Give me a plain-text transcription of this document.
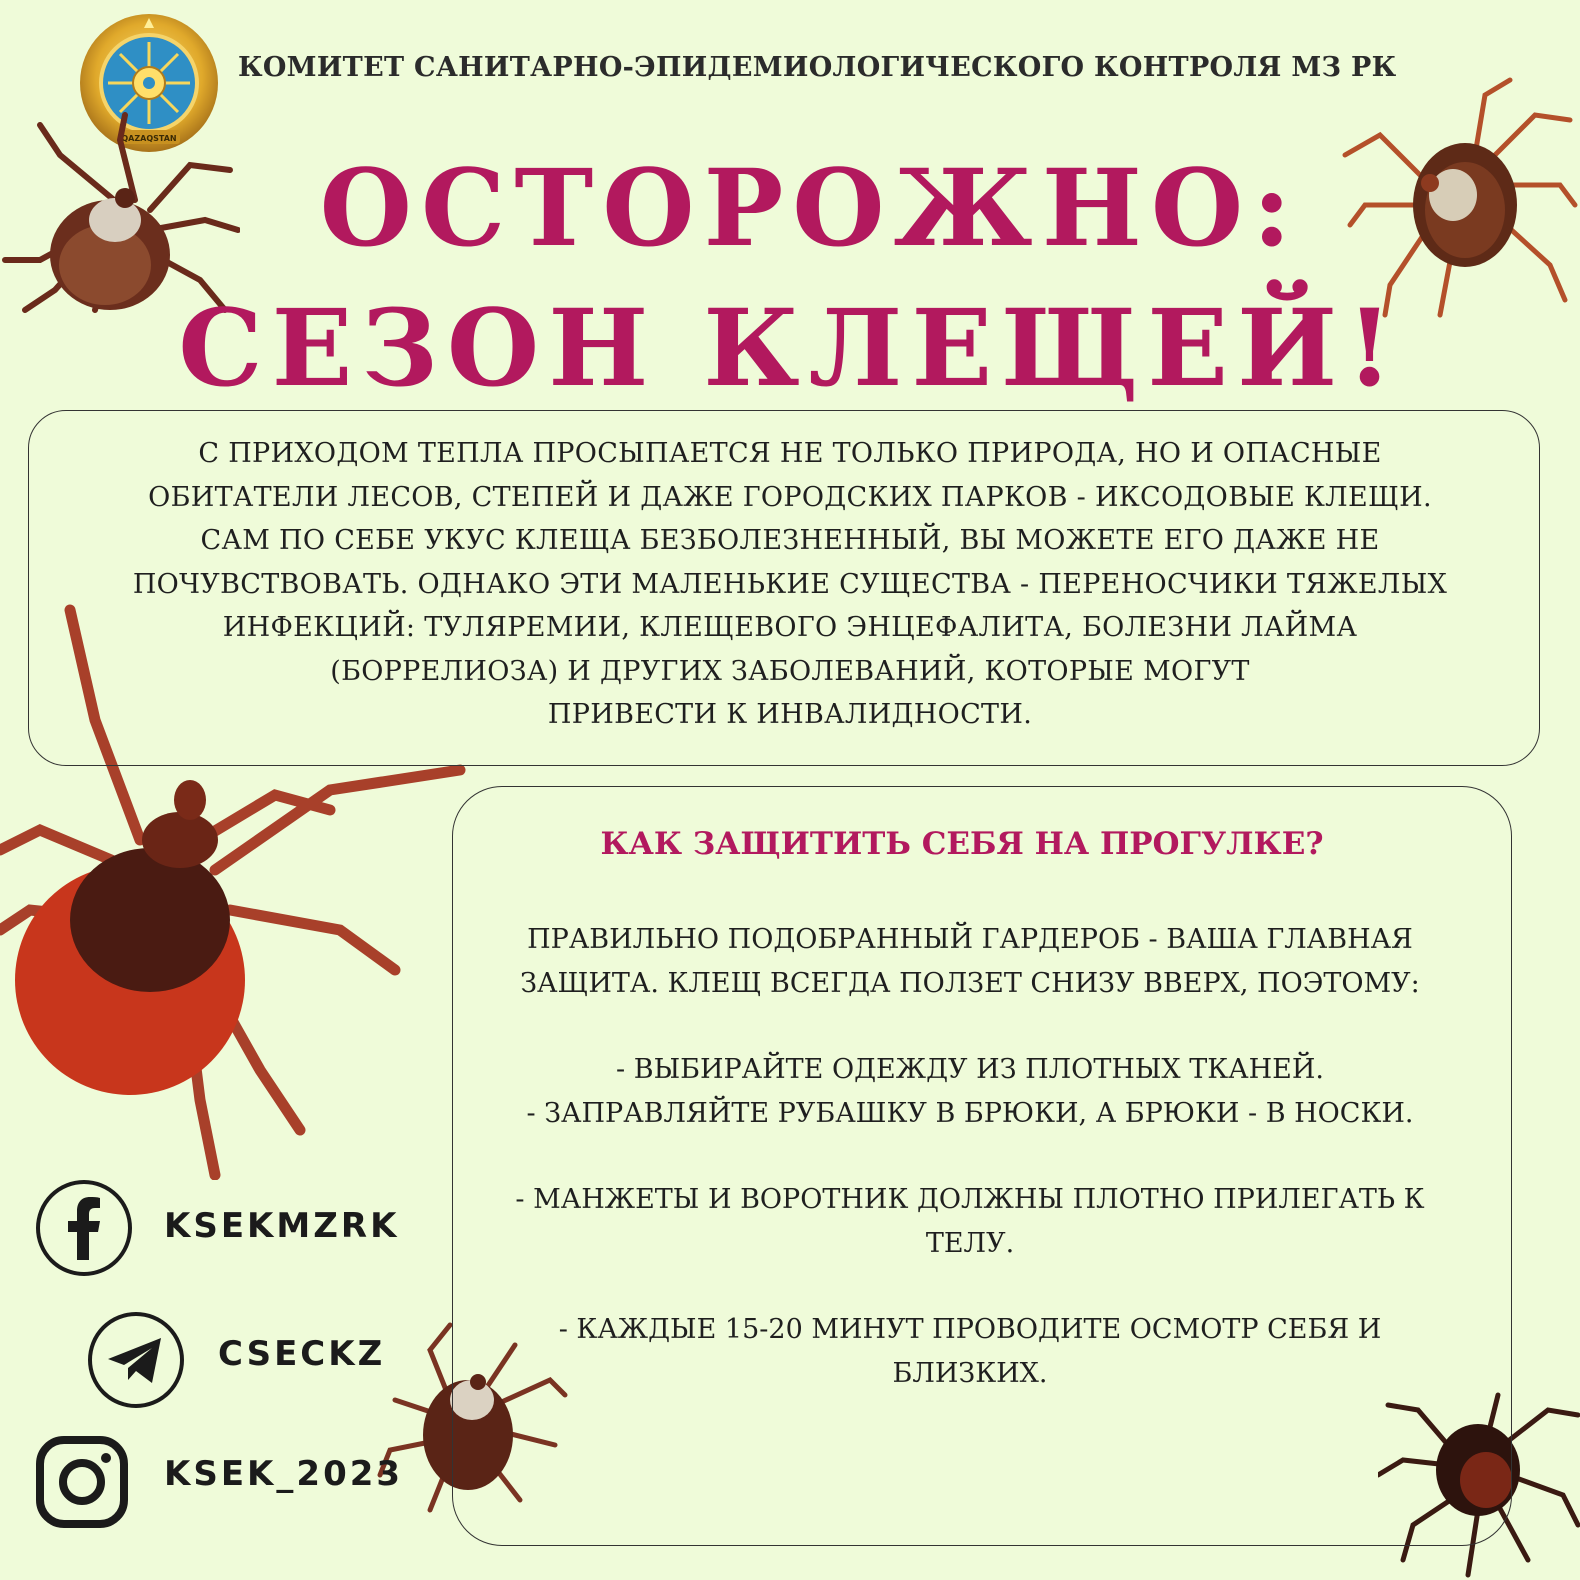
QAZAQSTAN
КОМИТЕТ САНИТАРНО-ЭПИДЕМИОЛОГИЧЕСКОГО КОНТРОЛЯ МЗ РК
ОСТОРОЖНО:
СЕЗОН КЛЕЩЕЙ!
С ПРИХОДОМ ТЕПЛА ПРОСЫПАЕТСЯ НЕ ТОЛЬКО ПРИРОДА, НО И ОПАСНЫЕ
ОБИТАТЕЛИ ЛЕСОВ, СТЕПЕЙ И ДАЖЕ ГОРОДСКИХ ПАРКОВ - ИКСОДОВЫЕ КЛЕЩИ.
САМ ПО СЕБЕ УКУС КЛЕЩА БЕЗБОЛЕЗНЕННЫЙ, ВЫ МОЖЕТЕ ЕГО ДАЖЕ НЕ
ПОЧУВСТВОВАТЬ. ОДНАКО ЭТИ МАЛЕНЬКИЕ СУЩЕСТВА - ПЕРЕНОСЧИКИ ТЯЖЕЛЫХ
ИНФЕКЦИЙ: ТУЛЯРЕМИИ, КЛЕЩЕВОГО ЭНЦЕФАЛИТА, БОЛЕЗНИ ЛАЙМА
(БОРРЕЛИОЗА) И ДРУГИХ ЗАБОЛЕВАНИЙ, КОТОРЫЕ МОГУТ
ПРИВЕСТИ К ИНВАЛИДНОСТИ.
КАК ЗАЩИТИТЬ СЕБЯ НА ПРОГУЛКЕ?

ПРАВИЛЬНО ПОДОБРАННЫЙ ГАРДЕРОБ - ВАША ГЛАВНАЯ ЗАЩИТА. КЛЕЩ ВСЕГДА ПОЛЗЕТ СНИЗУ ВВЕРХ, ПОЭТОМУ:

- ВЫБИРАЙТЕ ОДЕЖДУ ИЗ ПЛОТНЫХ ТКАНЕЙ.

- ЗАПРАВЛЯЙТЕ РУБАШКУ В БРЮКИ, А БРЮКИ - В НОСКИ.

- МАНЖЕТЫ И ВОРОТНИК ДОЛЖНЫ ПЛОТНО ПРИЛЕГАТЬ К ТЕЛУ.

- КАЖДЫЕ 15-20 МИНУТ ПРОВОДИТЕ ОСМОТР СЕБЯ И БЛИЗКИХ.

KSEKMZRK
CSECKZ
KSEK_2023
